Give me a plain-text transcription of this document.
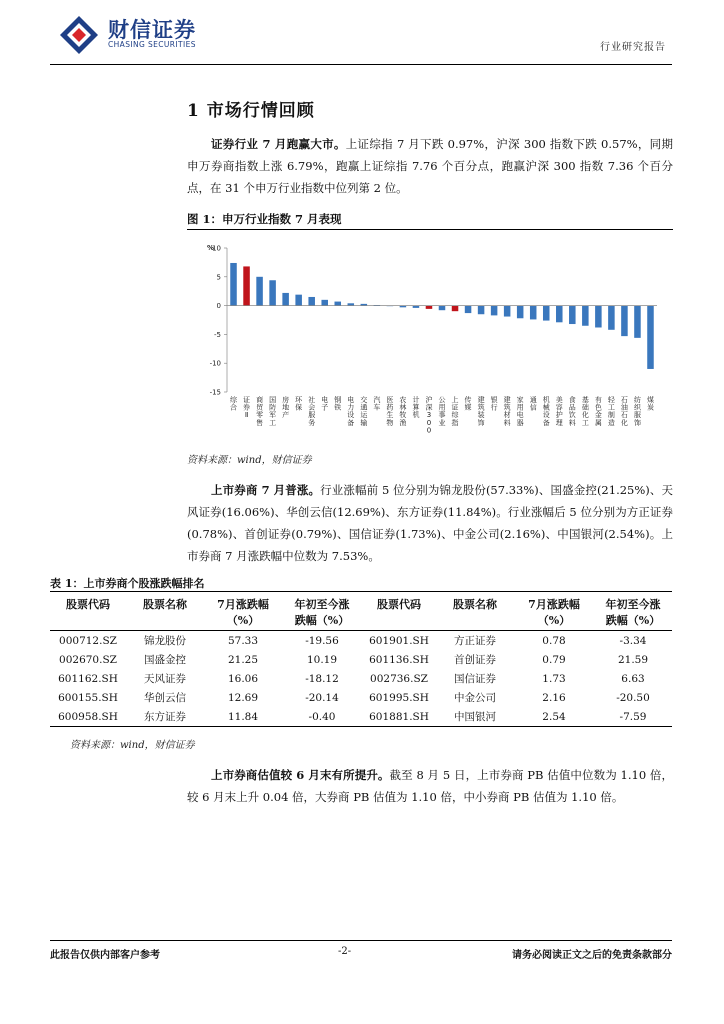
财信证券
CHASING SECURITIES	行业研究报告
1 市场行情回顾
证券行业 7 月跑赢大市。上证综指 7 月下跌 0.97%，沪深 300 指数下跌 0.57%，同期申万券商指数上涨 6.79%，跑赢上证综指 7.76 个百分点，跑赢沪深 300 指数 7.36 个百分点，在 31 个申万行业指数中位列第 2 位。
图 1：申万行业指数 7 月表现
%
10
5
0
-5
-10
-15
综合
证券 Ⅱ
商贸零售
国防军工
房地产
环保
社会服务
电子
钢铁
电力设备
交通运输
汽车
医药生物
农林牧渔
计算机
沪深 3 0 0
公用事业
上证综指
传媒
建筑装饰
银行
建筑材料
家用电器
通信
机械设备
美容护理
食品饮料
基础化工
有色金属
轻工制造
石油石化
纺织服饰
煤炭
资料来源：wind，财信证券
上市券商 7 月普涨。行业涨幅前 5 位分别为锦龙股份(57.33%)、国盛金控(21.25%)、天风证券(16.06%)、华创云信(12.69%)、东方证券(11.84%)。行业涨幅后 5 位分别为方正证券(0.78%)、首创证券(0.79%)、国信证券(1.73%)、中金公司(2.16%)、中国银河(2.54%)。上市券商 7 月涨跌幅中位数为 7.53%。
表 1：上市券商个股涨跌幅排名
股票代码	股票名称	7月涨跌幅	年初至今涨	股票代码	股票名称	7月涨跌幅	年初至今涨
		（%）	跌幅（%）			（%）	跌幅（%）
000712.SZ	锦龙股份	57.33	-19.56	601901.SH	方正证券	0.78	-3.34
002670.SZ	国盛金控	21.25	10.19	601136.SH	首创证券	0.79	21.59
601162.SH	天风证券	16.06	-18.12	002736.SZ	国信证券	1.73	6.63
600155.SH	华创云信	12.69	-20.14	601995.SH	中金公司	2.16	-20.50
600958.SH	东方证券	11.84	-0.40	601881.SH	中国银河	2.54	-7.59
资料来源：wind，财信证券
上市券商估值较 6 月末有所提升。截至 8 月 5 日，上市券商 PB 估值中位数为 1.10 倍，较 6 月末上升 0.04 倍，大券商 PB 估值为 1.10 倍，中小券商 PB 估值为 1.10 倍。
此报告仅供内部客户参考	-2-	请务必阅读正文之后的免责条款部分
